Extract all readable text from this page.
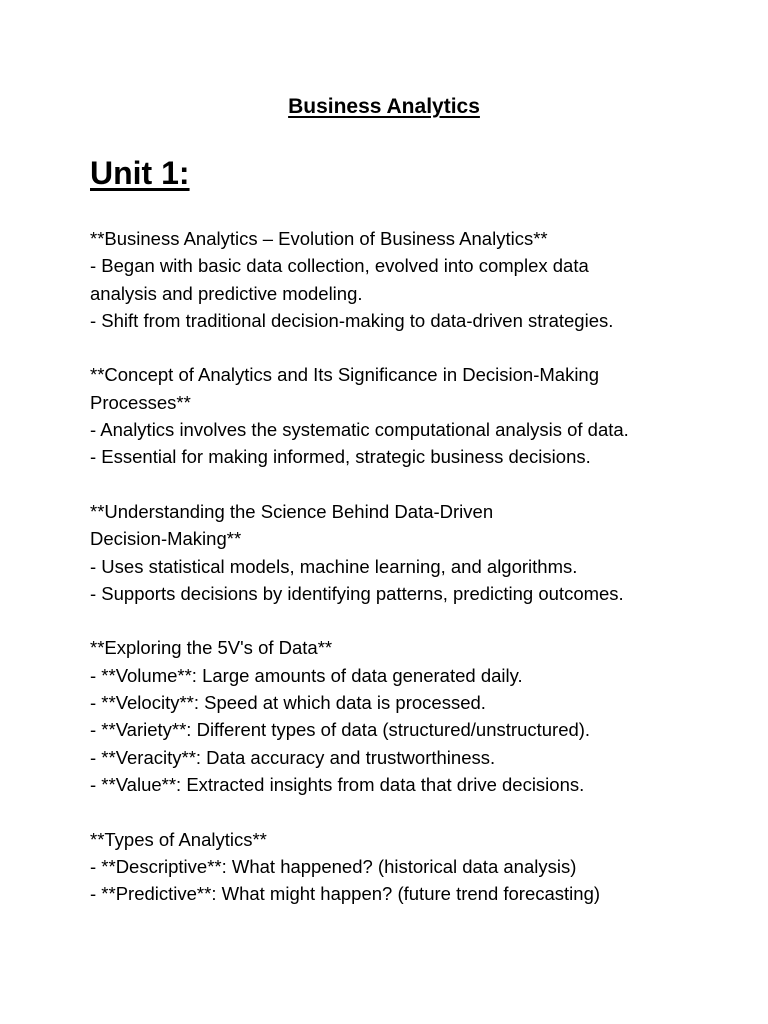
Business Analytics
Unit 1:
**Business Analytics – Evolution of Business Analytics**
- Began with basic data collection, evolved into complex data
analysis and predictive modeling.
- Shift from traditional decision-making to data-driven strategies.
**Concept of Analytics and Its Significance in Decision-Making
Processes**
- Analytics involves the systematic computational analysis of data.
- Essential for making informed, strategic business decisions.
**Understanding the Science Behind Data-Driven
Decision-Making**
- Uses statistical models, machine learning, and algorithms.
- Supports decisions by identifying patterns, predicting outcomes.
**Exploring the 5V's of Data**
- **Volume**: Large amounts of data generated daily.
- **Velocity**: Speed at which data is processed.
- **Variety**: Different types of data (structured/unstructured).
- **Veracity**: Data accuracy and trustworthiness.
- **Value**: Extracted insights from data that drive decisions.
**Types of Analytics**
- **Descriptive**: What happened? (historical data analysis)
- **Predictive**: What might happen? (future trend forecasting)
